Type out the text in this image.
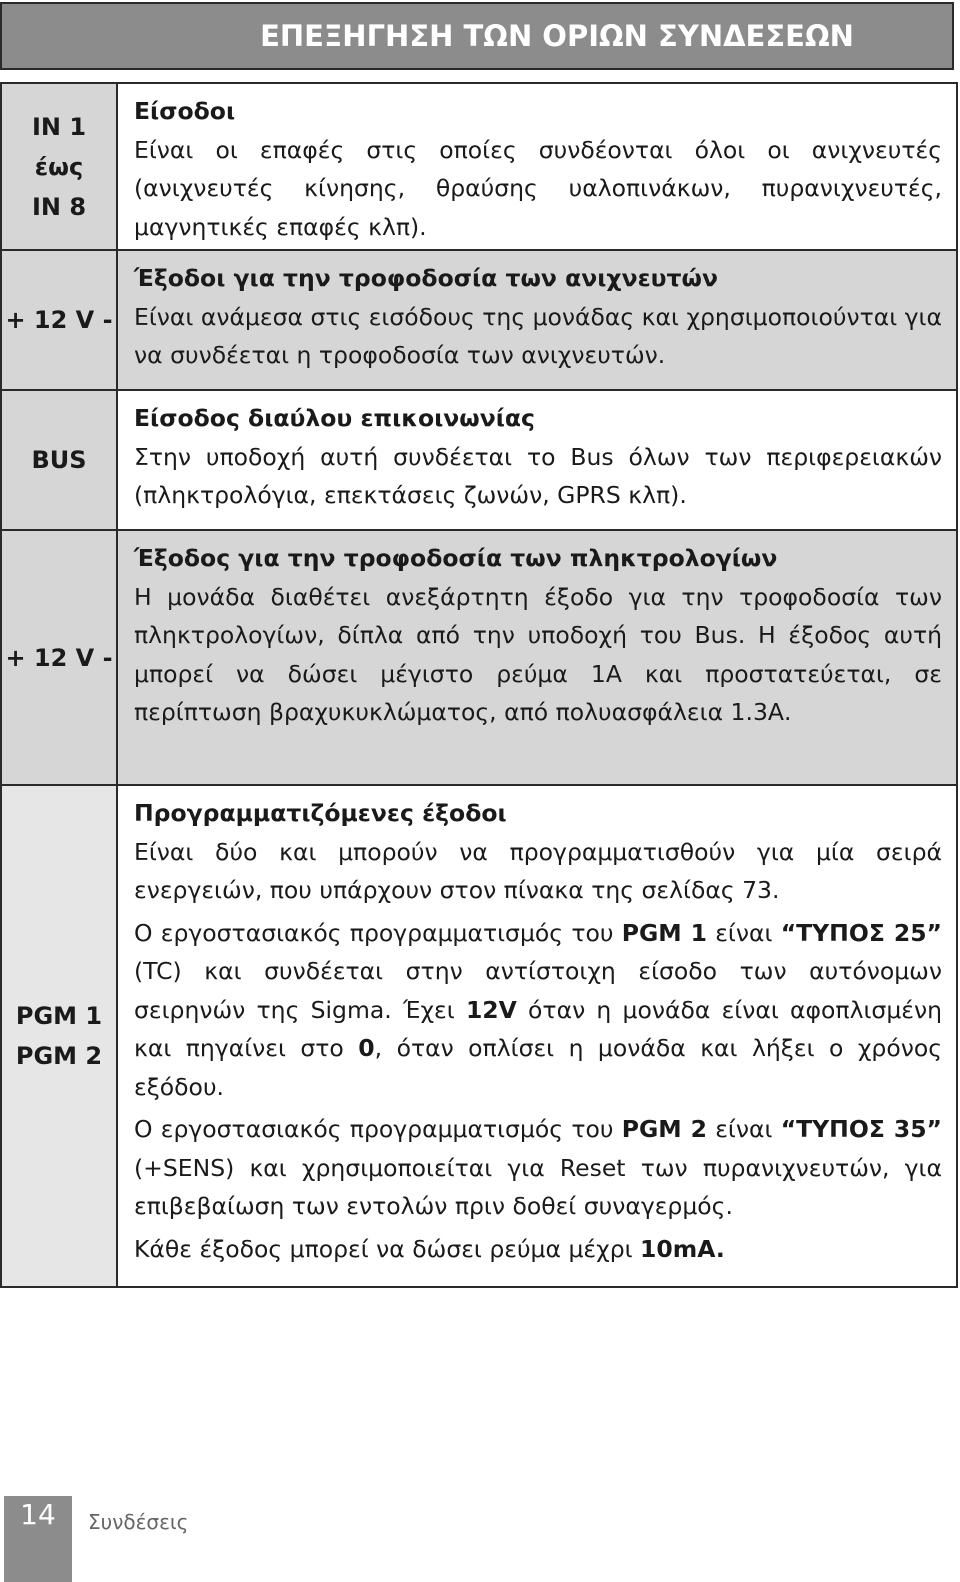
ΕΠΕΞΗΓΗΣΗ ΤΩΝ ΟΡΙΩΝ ΣΥΝΔΕΣΕΩΝ
IN 1
έως
IN 8
Είσοδοι

Είναι οι επαφές στις οποίες συνδέονται όλοι οι ανιχνευτές (ανιχνευτές κίνησης, θραύσης υαλοπινάκων, πυρανιχνευτές, μαγνητικές επαφές κλπ).

+ 12 V -
Έξοδοι για την τροφοδοσία των ανιχνευτών

Είναι ανάμεσα στις εισόδους της μονάδας και χρησιμοποιούνται για να συνδέεται η τροφοδοσία των ανιχνευτών.

BUS
Είσοδος διαύλου επικοινωνίας

Στην υποδοχή αυτή συνδέεται το Bus όλων των περιφερειακών (πληκτρολόγια, επεκτάσεις ζωνών, GPRS κλπ).

+ 12 V -
Έξοδος για την τροφοδοσία των πληκτρολογίων

Η μονάδα διαθέτει ανεξάρτητη έξοδο για την τροφοδοσία των πληκτρολογίων, δίπλα από την υποδοχή του Bus. Η έξοδος αυτή μπορεί να δώσει μέγιστο ρεύμα 1Α και προστατεύεται, σε περίπτωση βραχυκυκλώματος, από πολυασφάλεια 1.3Α.

PGM 1
PGM 2
Προγραμματιζόμενες έξοδοι

Είναι δύο και μπορούν να προγραμματισθούν για μία σειρά ενεργειών, που υπάρχουν στον πίνακα της σελίδας 73.

Ο εργοστασιακός προγραμματισμός του PGM 1 είναι “ΤΥΠΟΣ 25” (TC) και συνδέεται στην αντίστοιχη είσοδο των αυτόνομων σειρηνών της Sigma. Έχει 12V όταν η μονάδα είναι αφοπλισμένη και πηγαίνει στο 0, όταν οπλίσει η μονάδα και λήξει ο χρόνος εξόδου.

Ο εργοστασιακός προγραμματισμός του PGM 2 είναι “ΤΥΠΟΣ 35” (+SENS) και χρησιμοποιείται για Reset των πυρανιχνευτών, για επιβεβαίωση των εντολών πριν δοθεί συναγερμός.

Κάθε έξοδος μπορεί να δώσει ρεύμα μέχρι 10mA.

14	Συνδέσεις
